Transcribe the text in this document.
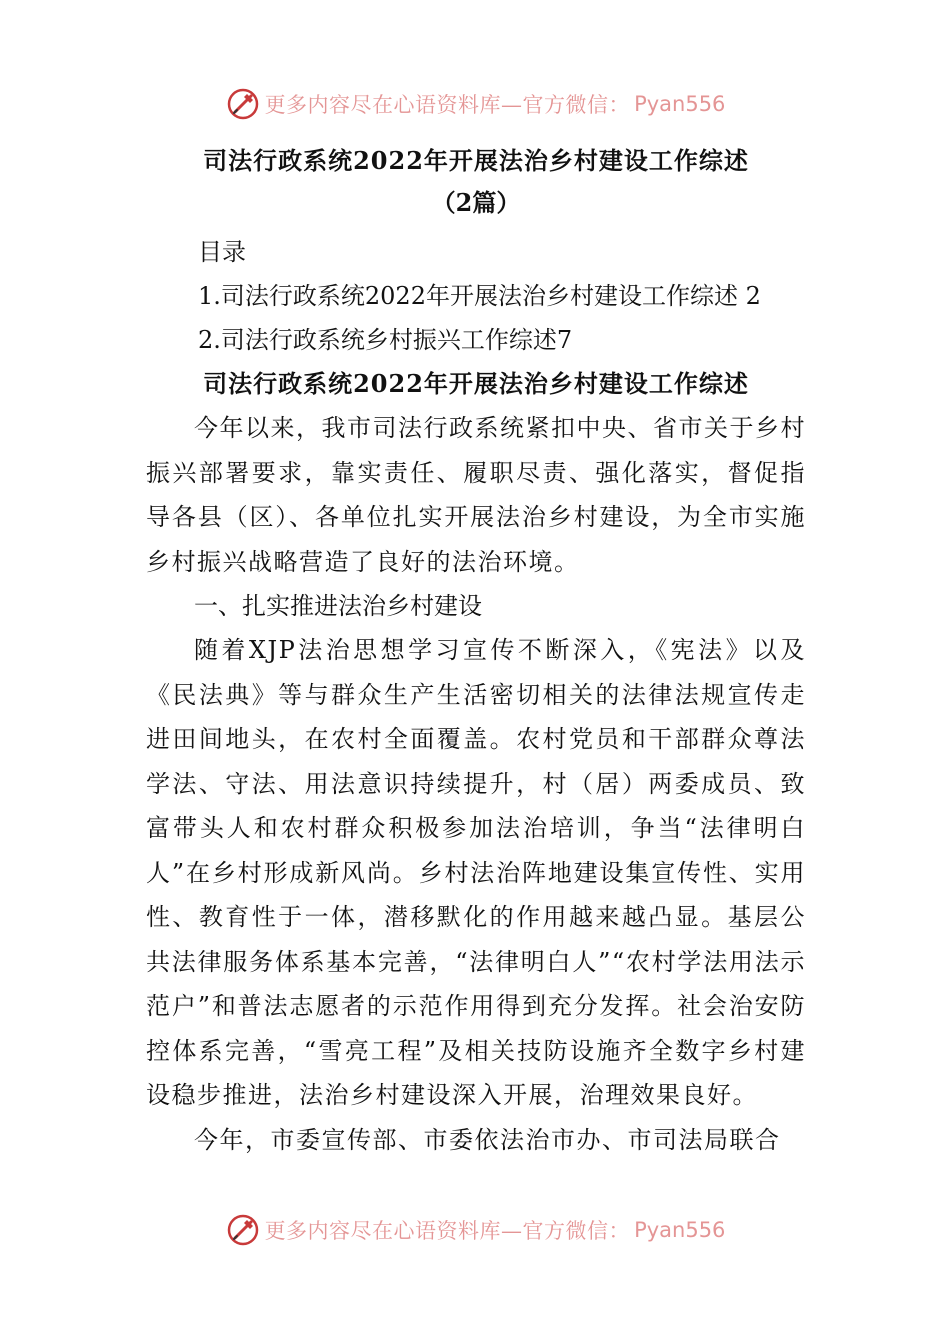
更多内容尽在心语资料库—官方微信： Pyan556

司法行政系统2022年开展法治乡村建设工作综述

（2篇）

目录

1.司法行政系统2022年开展法治乡村建设工作综述 2

2.司法行政系统乡村振兴工作综述7

司法行政系统2022年开展法治乡村建设工作综述

今年以来，我市司法行政系统紧扣中央、省市关于乡村振兴部署要求，靠实责任、履职尽责、强化落实，督促指导各县（区）、各单位扎实开展法治乡村建设，为全市实施乡村振兴战略营造了良好的法治环境。

一、扎实推进法治乡村建设

随着XJP法治思想学习宣传不断深入，《宪法》以及《民法典》等与群众生产生活密切相关的法律法规宣传走进田间地头，在农村全面覆盖。农村党员和干部群众尊法学法、守法、用法意识持续提升，村（居）两委成员、致富带头人和农村群众积极参加法治培训，争当“法律明白人”在乡村形成新风尚。乡村法治阵地建设集宣传性、实用性、教育性于一体，潜移默化的作用越来越凸显。基层公共法律服务体系基本完善，“法律明白人”“农村学法用法示范户”和普法志愿者的示范作用得到充分发挥。社会治安防控体系完善，“雪亮工程”及相关技防设施齐全数字乡村建设稳步推进，法治乡村建设深入开展，治理效果良好。

今年，市委宣传部、市委依法治市办、市司法局联合

更多内容尽在心语资料库—官方微信： Pyan556
